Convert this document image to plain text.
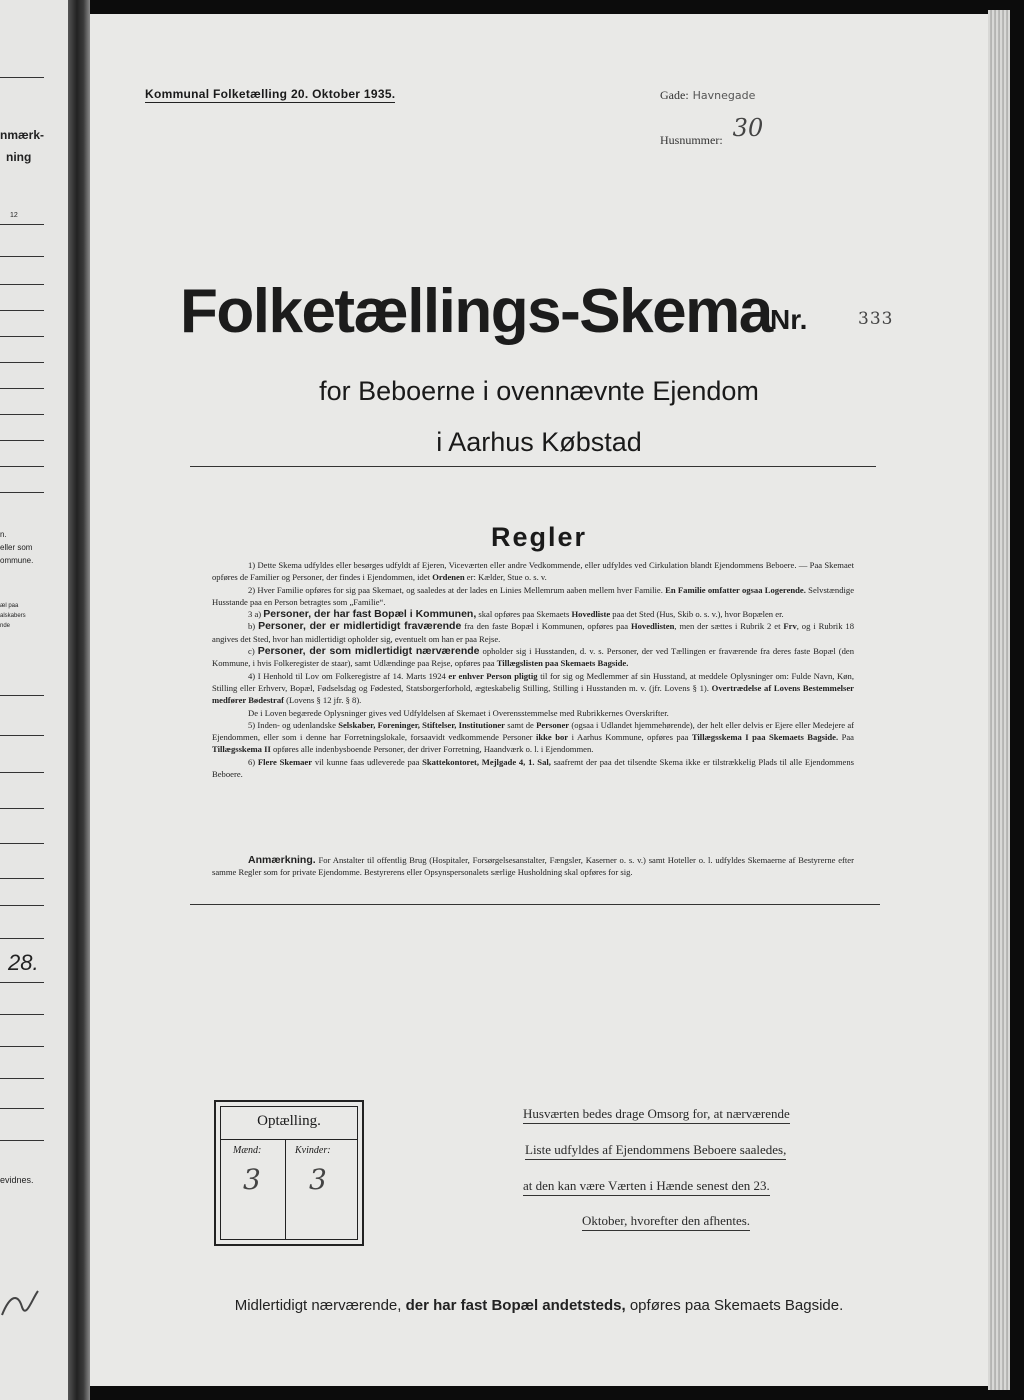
nmærk-
ning
12
n.
eller som
ommune.
æl paa
alskabers
nde
28.
evidnes.
Kommunal Folketælling 20. Oktober 1935.	Gade: Havnegade
Husnummer: 30
Folketællings-Skema
Nr.	333
for Beboerne i ovennævnte Ejendom
i Aarhus Købstad
Regler

1) Dette Skema udfyldes eller besørges udfyldt af Ejeren, Viceværten eller andre Vedkommende, eller udfyldes ved Cirkulation blandt Ejendommens Beboere. — Paa Skemaet opføres de Familier og Personer, der findes i Ejendommen, idet Ordenen er: Kælder, Stue o. s. v.

2) Hver Familie opføres for sig paa Skemaet, og saaledes at der lades en Linies Mellemrum aaben mellem hver Familie. En Familie omfatter ogsaa Logerende. Selvstændige Husstande paa en Person betragtes som „Familie“.

3 a) Personer, der har fast Bopæl i Kommunen, skal opføres paa Skemaets Hovedliste paa det Sted (Hus, Skib o. s. v.), hvor Bopælen er.

b) Personer, der er midlertidigt fraværende fra den faste Bopæl i Kommunen, opføres paa Hovedlisten, men der sættes i Rubrik 2 et Frv, og i Rubrik 18 angives det Sted, hvor han midlertidigt opholder sig, eventuelt om han er paa Rejse.

c) Personer, der som midlertidigt nærværende opholder sig i Husstanden, d. v. s. Personer, der ved Tællingen er fraværende fra deres faste Bopæl (den Kommune, i hvis Folkeregister de staar), samt Udlændinge paa Rejse, opføres paa Tillægslisten paa Skemaets Bagside.

4) I Henhold til Lov om Folkeregistre af 14. Marts 1924 er enhver Person pligtig til for sig og Medlemmer af sin Husstand, at meddele Oplysninger om: Fulde Navn, Køn, Stilling eller Erhverv, Bopæl, Fødselsdag og Fødested, Statsborgerforhold, ægteskabelig Stilling, Stilling i Husstanden m. v. (jfr. Lovens § 1). Overtrædelse af Lovens Bestemmelser medfører Bødestraf (Lovens § 12 jfr. § 8).

De i Loven begærede Oplysninger gives ved Udfyldelsen af Skemaet i Overensstemmelse med Rubrikkernes Overskrifter.

5) Inden- og udenlandske Selskaber, Foreninger, Stiftelser, Institutioner samt de Personer (ogsaa i Udlandet hjemmehørende), der helt eller delvis er Ejere eller Medejere af Ejendommen, eller som i denne har Forretningslokale, forsaavidt vedkommende Personer ikke bor i Aarhus Kommune, opføres paa Tillægsskema I paa Skemaets Bagside. Paa Tillægsskema II opføres alle indenbysboende Personer, der driver Forretning, Haandværk o. l. i Ejendommen.

6) Flere Skemaer vil kunne faas udleverede paa Skattekontoret, Mejlgade 4, 1. Sal, saafremt der paa det tilsendte Skema ikke er tilstrækkelig Plads til alle Ejendommens Beboere.

Anmærkning. For Anstalter til offentlig Brug (Hospitaler, Forsørgelsesanstalter, Fængsler, Kaserner o. s. v.) samt Hoteller o. l. udfyldes Skemaerne af Bestyrerne efter samme Regler som for private Ejendomme. Bestyrerens eller Opsynspersonalets særlige Husholdning skal opføres for sig.

Optælling.
Mænd:	Kvinder:
3 3
Husværten bedes drage Omsorg for, at nærværende
Liste udfyldes af Ejendommens Beboere saaledes,
at den kan være Værten i Hænde senest den 23.
Oktober, hvorefter den afhentes.
Midlertidigt nærværende, der har fast Bopæl andetsteds, opføres paa Skemaets Bagside.
